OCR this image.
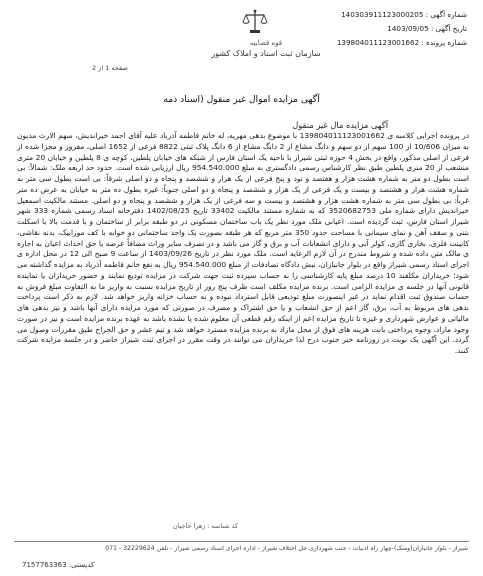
قوه قضاییه
سازمان ثبت اسناد و املاک کشور
شماره آگهی : 140303911123000205
تاریخ آگهی : 1403/09/05
شماره پرونده : 139804011123001662
صفحه 1 از 2
آگهی مزایده اموال غیر منقول (اسناد ذمه
آگهی مزایده مال غیر منقول
در پرونده اجرایی کلاسه ی 139804011123001662 با موضوع بدهی مهریه، له خانم فاطمه آذرباد علیه آقای احمد خیراندیش، سهم الارث مدیون به میزان 10/606 از 100 سهم از دو سهم و دانگ مشاع از 2 دانگ مشاع از 6 دانگ پلاک ثبتی 8822 فرعی از 1652 اصلی، مفروز و مجزا شده از فرعی از اصلی مذکور، واقع در بخش 4 حوزه ثبتی شیراز با ناحیه یک استان فارس از شبکه های خیابان پلطین، کوچه ی 8 پلطین و خیابان 20 متری منشعب از 20 متری پلطین طبق نظر کارشناس رسمی دادگستری به مبلغ 954.540.000 ریال ارزیابی شده است. حدود حد اربعه ملک: شمالاً: بی است بطول دو متر به شماره هشت هزار و هفتصد و نود و پنج فرعی از یک هزار و ششصد و پنجاه و دو اصلی شرقاً: بی است بطول سی متر به شماره هشت هزار و هشتصد و بیست و یک فرعی از یک هزار و ششصد و پنجاه و دو اصلی جنوباً: غیره بطول ده متر به خیابان به عرض ده متر غرباً: بی بطول سی متر به شماره هشت هزار و هشتصد و بیست و سه فرعی از یک هزار و ششصد و پنجاه و دو اصلی. مستند مالکیت اسمعیل خیراندیش دارای شماره ملی 3520682753 که به شماره مستند مالکیت 33402 تاریخ 1402/08/25 دفترخانه اسناد رسمی شماره 333 شهر شیراز استان فارس، ثبت گردیده است. اعیانی ملک مورد نظر یک باب ساختمان مسکونی در دو طبقه برابر از ساختمان و با قدمت بالا با اسکلت بتنی و سقف آهن و نمای سیمانی با مساحت حدود 350 متر مربع که هر طبقه بصورت یک واحد ساختمانی دو خوابه با کف موزاییک، بدنه نقاشی، کابینت فلزی، بخاری گازی، کولر آبی و دارای انشعابات آب و برق و گاز می باشد و در تصرف سایر وراث مضافاً عرصه با حق احداث اعیان به اجاره ی مالک متن داده شده و شروط مندرج در آن لازم الرعایه است. ملک مورد نظر در تاریخ 1403/09/26 از ساعت 9 صبح الی 12 در محل اداره ی اجرای اسناد رسمی شیراز واقع در بلوار جانبازان، نبش دادگاه تصادفات از مبلغ 954.540.000 ریال به نفع خانم فاطمه آذرباد به مزایده گذاشته می شود؛ خریداران مکلفند 10 درصد مبلغ پایه کارشناسی را به حساب سپرده ثبت جهت شرکت در مزایده تودیع نمایند و حضور خریداران یا نماینده قانونی آنها در جلسه ی مزایده الزامی است. برنده مزایده مکلف است ظرف پنج روز از تاریخ مزایده نسبت به واریز ما به التفاوت مبلغ فروش به حساب صندوق ثبت اقدام نماید در غیر اینصورت مبلغ تودیعی قابل استرداد نبوده و به حساب خزانه واریز خواهد شد. لازم به ذکر است پرداخت بدهی های مربوط به آب، برق، گاز اعم از حق انشعاب و یا حق اشتراک و مصرف در صورتی که مورد مزایده دارای آنها باشد و نیز بدهی های مالیاتی و عوارض شهرداری و غیره تا تاریخ مزایده اعم از اینکه رقم قطعی آن معلوم شده یا نشده باشد به عهده برنده مزایده است و نیز در صورت وجود مازاد، وجوه پرداختی بابت هزینه های فوق از محل مازاد به برنده مزایده مسترد خواهد شد و نیم عشر و حق الحراج طبق مقررات وصول می گردد. این آگهی یک نوبت در روزنامه خبر جنوب درج لذا خریداران می توانند در وقت مقرر در اجرای ثبت شیراز حاضر و در جلسه مزایده شرکت کنند.
کد شناسه : زهرا حاجیان
شیراز - بلوار جانبازان(ومنک)-چهار راه ادبیات - جنب شهرداری حل اختلاف شیراز - اداره اجرای اسناد رسمی شیراز - تلفن 32229624 - 071
7157763363 :کدپستی
